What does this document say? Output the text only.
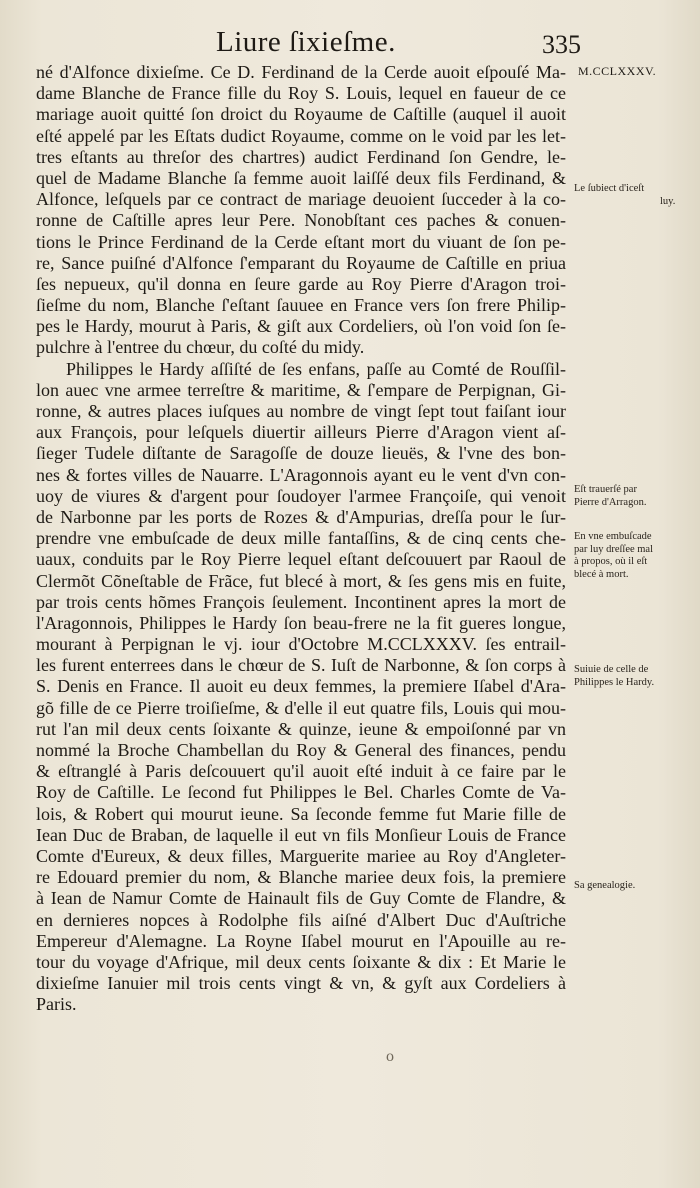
Liure ſixieſme.	335
M.CCLXXXV.
né d'Alfonce dixieſme. Ce D. Ferdinand de la Cerde auoit eſpouſé Ma-
dame Blanche de France fille du Roy S. Louis, lequel en faueur de ce
mariage auoit quitté ſon droict du Royaume de Caſtille (auquel il auoit
eſté appelé par les Eſtats dudict Royaume, comme on le void par les let-
tres eſtants au threſor des chartres) audict Ferdinand ſon Gendre, le-
quel de Madame Blanche ſa femme auoit laiſſé deux fils Ferdinand, &
Alfonce, leſquels par ce contract de mariage deuoient ſucceder à la co-
ronne de Caſtille apres leur Pere. Nonobſtant ces paches & conuen-
tions le Prince Ferdinand de la Cerde eſtant mort du viuant de ſon pe-
re, Sance puiſné d'Alfonce ſ'emparant du Royaume de Caſtille en priua
ſes nepueux, qu'il donna en ſeure garde au Roy Pierre d'Aragon troi-
ſieſme du nom, Blanche ſ'eſtant ſauuee en France vers ſon frere Philip-
pes le Hardy, mourut à Paris, & giſt aux Cordeliers, où l'on void ſon ſe-
pulchre à l'entree du chœur, du coſté du midy.
Philippes le Hardy aſſiſté de ſes enfans, paſſe au Comté de Rouſſil-
lon auec vne armee terreſtre & maritime, & ſ'empare de Perpignan, Gi-
ronne, & autres places iuſques au nombre de vingt ſept tout faiſant iour
aux François, pour leſquels diuertir ailleurs Pierre d'Aragon vient aſ-
ſieger Tudele diſtante de Saragoſſe de douze lieuës, & l'vne des bon-
nes & fortes villes de Nauarre. L'Aragonnois ayant eu le vent d'vn con-
uoy de viures & d'argent pour ſoudoyer l'armee Françoiſe, qui venoit
de Narbonne par les ports de Rozes & d'Ampurias, dreſſa pour le ſur-
prendre vne embuſcade de deux mille fantaſſins, & de cinq cents che-
uaux, conduits par le Roy Pierre lequel eſtant deſcouuert par Raoul de
Clermõt Cõneſtable de Frãce, fut blecé à mort, & ſes gens mis en fuite,
par trois cents hõmes François ſeulement. Incontinent apres la mort de
l'Aragonnois, Philippes le Hardy ſon beau-frere ne la fit gueres longue,
mourant à Perpignan le vj. iour d'Octobre M.CCLXXXV. ſes entrail-
les furent enterrees dans le chœur de S. Iuſt de Narbonne, & ſon corps à
S. Denis en France. Il auoit eu deux femmes, la premiere Iſabel d'Ara-
gõ fille de ce Pierre troiſieſme, & d'elle il eut quatre fils, Louis qui mou-
rut l'an mil deux cents ſoixante & quinze, ieune & empoiſonné par vn
nommé la Broche Chambellan du Roy & General des finances, pendu
& eſtranglé à Paris deſcouuert qu'il auoit eſté induit à ce faire par le
Roy de Caſtille. Le ſecond fut Philippes le Bel. Charles Comte de Va-
lois, & Robert qui mourut ieune. Sa ſeconde femme fut Marie fille de
Iean Duc de Braban, de laquelle il eut vn fils Monſieur Louis de France
Comte d'Eureux, & deux filles, Marguerite mariee au Roy d'Angleter-
re Edouard premier du nom, & Blanche mariee deux fois, la premiere
à Iean de Namur Comte de Hainault fils de Guy Comte de Flandre, &
en dernieres nopces à Rodolphe fils aiſné d'Albert Duc d'Auſtriche
Empereur d'Alemagne. La Royne Iſabel mourut en l'Apouille au re-
tour du voyage d'Afrique, mil deux cents ſoixante & dix : Et Marie le
dixieſme Ianuier mil trois cents vingt & vn, & gyſt aux Cordeliers à
Paris.
Le ſubiect d'iceſt
luy.
Eſt trauerſé par
Pierre d'Arragon.
En vne embuſcade
par luy dreſſee mal
à propos, où il eſt
blecé à mort.
Suiuie de celle de
Philippes le Hardy.
Sa genealogie.
o
